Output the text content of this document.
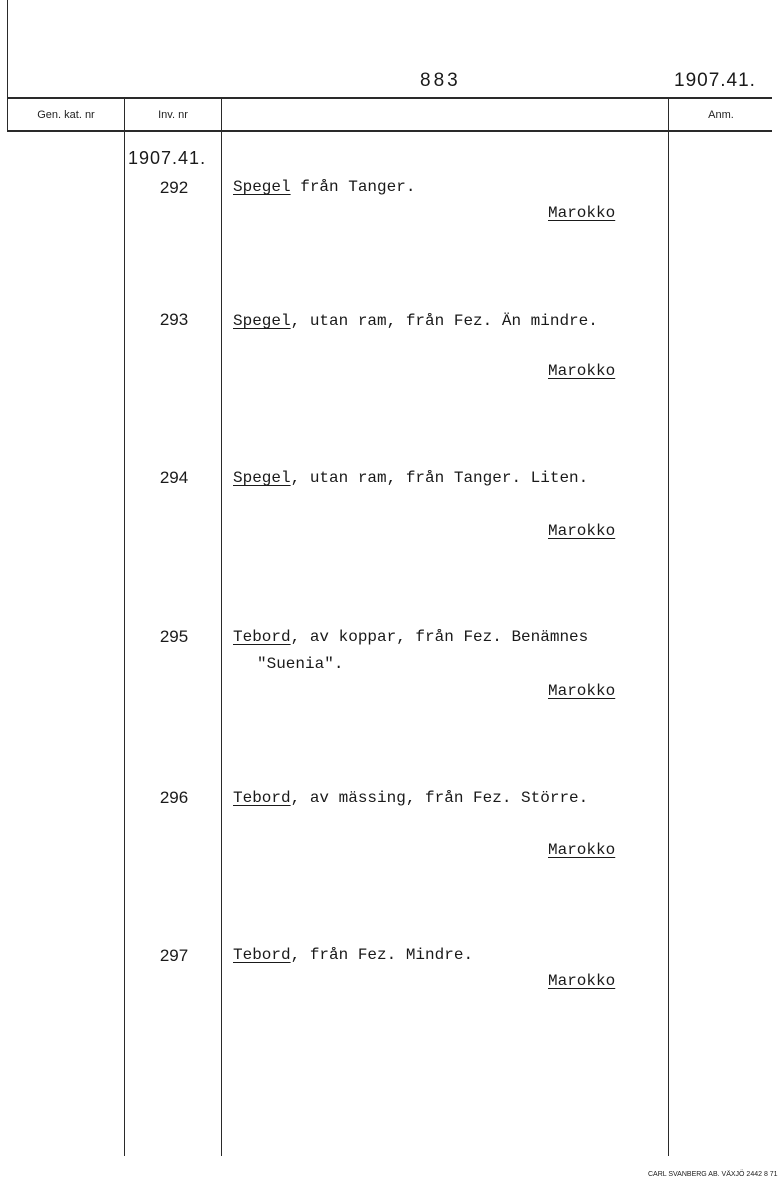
883	1907.41.
Gen. kat. nr	Inv. nr	Anm.
1907.41.
292	Spegel från Tanger.
Marokko
293	Spegel, utan ram, från Fez. Än mindre.
Marokko
294	Spegel, utan ram, från Tanger. Liten.
Marokko
295	Tebord, av koppar, från Fez. Benämnes
"Suenia".
Marokko
296	Tebord, av mässing, från Fez. Större.
Marokko
297	Tebord, från Fez. Mindre.
Marokko
CARL SVANBERG AB. VÄXJÖ 2442 8 71
